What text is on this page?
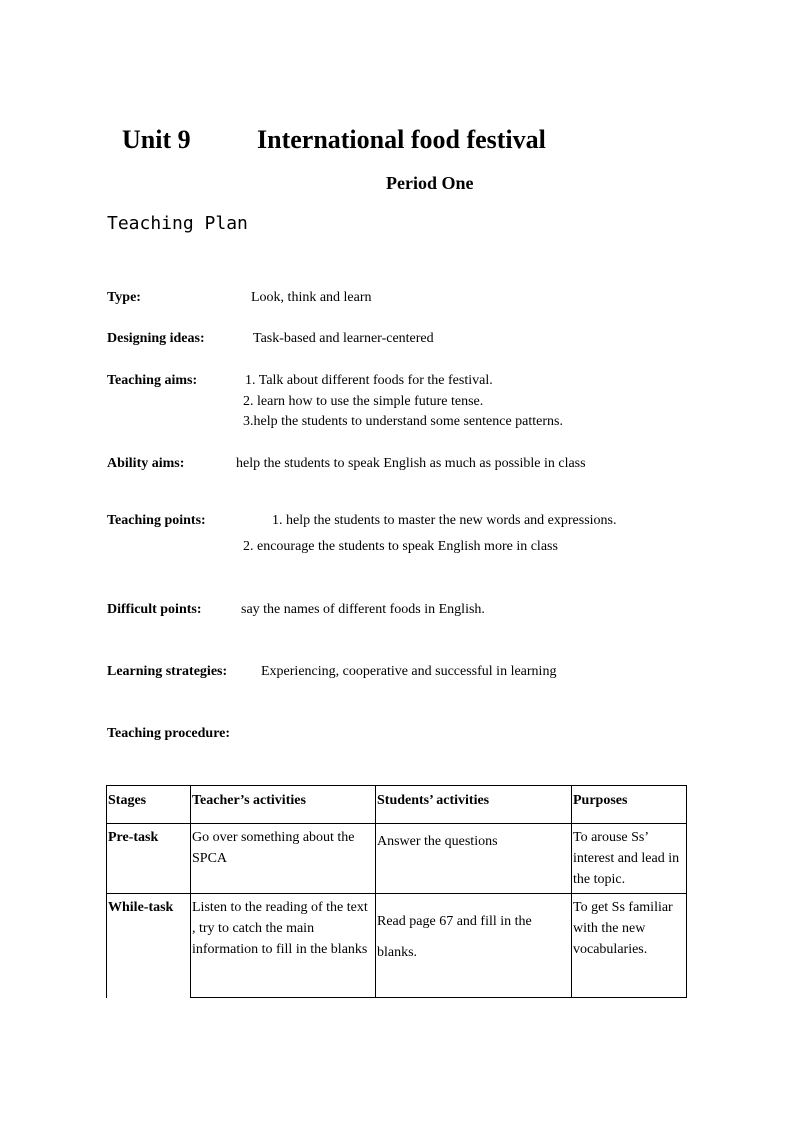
Unit 9	International food festival
Period One
Teaching Plan
Type:	Look, think and learn
Designing ideas:	Task-based and learner-centered
Teaching aims:	1. Talk about different foods for the festival.
2. learn how to use the simple future tense.
3.help the students to understand some sentence patterns.
Ability aims:	help the students to speak English as much as possible in class
Teaching points:	1. help the students to master the new words and expressions.
2. encourage the students to speak English more in class
Difficult points:	say the names of different foods in English.
Learning strategies: Experiencing, cooperative and successful in learning
Teaching procedure:
Stages	Teacher’s activities	Students’ activities	Purposes
Pre-task	Go over something about the SPCA	Answer the questions	To arouse Ss’ interest and lead in the topic.
While-task	Listen to the reading of the text , try to catch the main information to fill in the blanks	Read page 67 and fill in the blanks.	To get Ss familiar with the new vocabularies.
